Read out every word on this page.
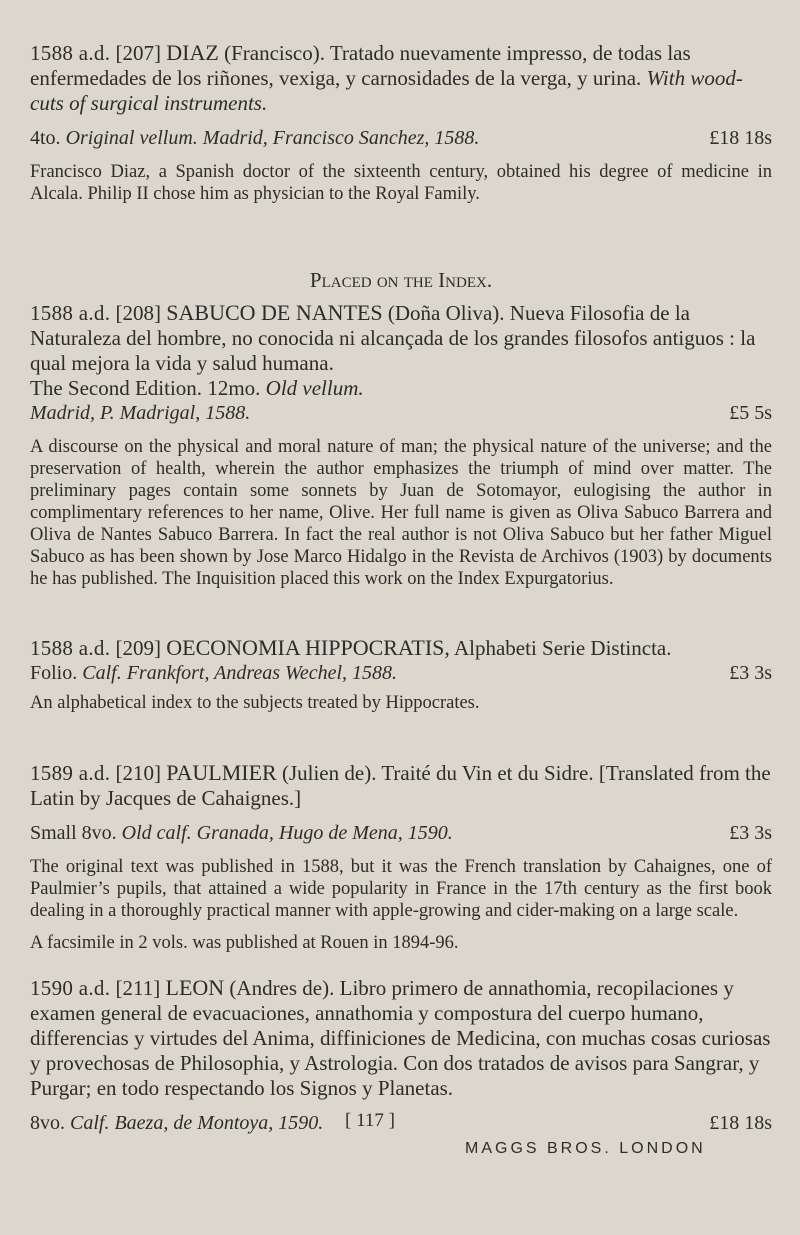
1588 a.d. [207] DIAZ (Francisco). Tratado nuevamente impresso, de todas las enfermedades de los riñones, vexiga, y carnosidades de la verga, y urina. With wood-cuts of surgical instruments.

4to. Original vellum. Madrid, Francisco Sanchez, 1588.	£18 18s

Francisco Diaz, a Spanish doctor of the sixteenth century, obtained his degree of medicine in Alcala. Philip II chose him as physician to the Royal Family.

Placed on the Index.

1588 a.d. [208] SABUCO DE NANTES (Doña Oliva). Nueva Filosofia de la Naturaleza del hombre, no conocida ni alcançada de los grandes filosofos antiguos : la qual mejora la vida y salud humana.

The Second Edition. 12mo. Old vellum.

Madrid, P. Madrigal, 1588.	£5 5s

A discourse on the physical and moral nature of man; the physical nature of the universe; and the preservation of health, wherein the author emphasizes the triumph of mind over matter. The preliminary pages contain some sonnets by Juan de Sotomayor, eulogising the author in complimentary references to her name, Olive. Her full name is given as Oliva Sabuco Barrera and Oliva de Nantes Sabuco Barrera. In fact the real author is not Oliva Sabuco but her father Miguel Sabuco as has been shown by Jose Marco Hidalgo in the Revista de Archivos (1903) by documents he has published. The Inquisition placed this work on the Index Expurgatorius.

1588 a.d. [209] OECONOMIA HIPPOCRATIS, Alphabeti Serie Distincta.

Folio. Calf. Frankfort, Andreas Wechel, 1588.	£3 3s

An alphabetical index to the subjects treated by Hippocrates.

1589 a.d. [210] PAULMIER (Julien de). Traité du Vin et du Sidre. [Translated from the Latin by Jacques de Cahaignes.]

Small 8vo. Old calf. Granada, Hugo de Mena, 1590.	£3 3s

The original text was published in 1588, but it was the French translation by Cahaignes, one of Paulmier’s pupils, that attained a wide popularity in France in the 17th century as the first book dealing in a thoroughly practical manner with apple-growing and cider-making on a large scale.

A facsimile in 2 vols. was published at Rouen in 1894-96.

1590 a.d. [211] LEON (Andres de). Libro primero de annathomia, recopilaciones y examen general de evacuaciones, annathomia y compostura del cuerpo humano, differencias y virtudes del Anima, diffiniciones de Medicina, con muchas cosas curiosas y provechosas de Philosophia, y Astrologia. Con dos tratados de avisos para Sangrar, y Purgar; en todo respectando los Signos y Planetas.

8vo. Calf. Baeza, de Montoya, 1590.	£18 18s

[ 117 ]
MAGGS BROS. LONDON
